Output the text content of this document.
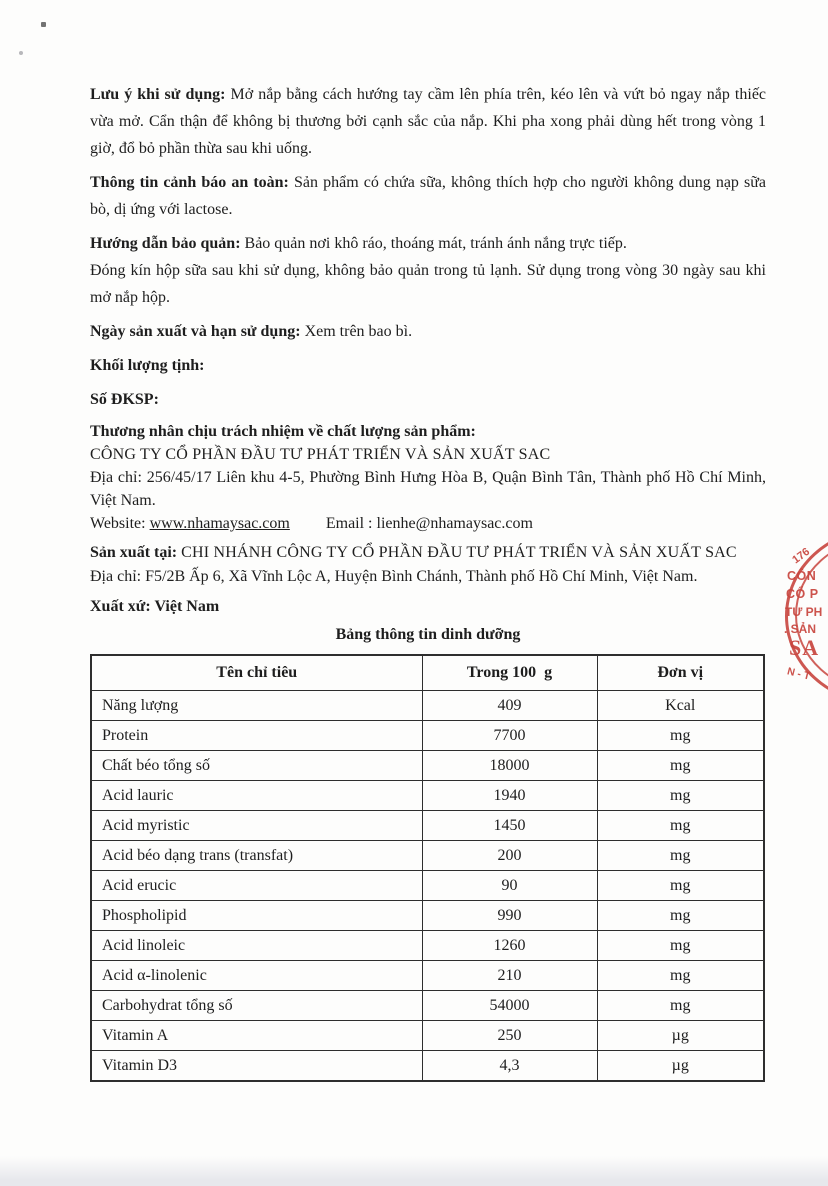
Lưu ý khi sử dụng: Mở nắp bằng cách hướng tay cầm lên phía trên, kéo lên và vứt bỏ ngay nắp thiếc vừa mở. Cẩn thận để không bị thương bởi cạnh sắc của nắp. Khi pha xong phải dùng hết trong vòng 1 giờ, đổ bỏ phần thừa sau khi uống.

Thông tin cảnh báo an toàn: Sản phẩm có chứa sữa, không thích hợp cho người không dung nạp sữa bò, dị ứng với lactose.

Hướng dẫn bảo quản: Bảo quản nơi khô ráo, thoáng mát, tránh ánh nắng trực tiếp.

Đóng kín hộp sữa sau khi sử dụng, không bảo quản trong tủ lạnh. Sử dụng trong vòng 30 ngày sau khi mở nắp hộp.

Ngày sản xuất và hạn sử dụng: Xem trên bao bì.
Khối lượng tịnh:
Số ĐKSP:
Thương nhân chịu trách nhiệm về chất lượng sản phẩm:
CÔNG TY CỔ PHẦN ĐẦU TƯ PHÁT TRIỂN VÀ SẢN XUẤT SAC
Địa chỉ: 256/45/17 Liên khu 4-5, Phường Bình Hưng Hòa B, Quận Bình Tân, Thành phố Hồ Chí Minh, Việt Nam.
Website: www.nhamaysac.com Email : lienhe@nhamaysac.com
Sản xuất tại: CHI NHÁNH CÔNG TY CỔ PHẦN ĐẦU TƯ PHÁT TRIỂN VÀ SẢN XUẤT SAC
Địa chỉ: F5/2B Ấp 6, Xã Vĩnh Lộc A, Huyện Bình Chánh, Thành phố Hồ Chí Minh, Việt Nam.
Xuất xứ: Việt Nam
Bảng thông tin dinh dưỡng
Tên chỉ tiêu	Trong 100  g	Đơn vị
Năng lượng	409	Kcal
Protein	7700	mg
Chất béo tổng số	18000	mg
Acid lauric	1940	mg
Acid myristic	1450	mg
Acid béo dạng trans (transfat)	200	mg
Acid erucic	90	mg
Phospholipid	990	mg
Acid linoleic	1260	mg
Acid α-linolenic	210	mg
Carbohydrat tổng số	54000	mg
Vitamin A	250	µg
Vitamin D3	4,3	µg
176
CÔN
CỔ P
TƯ PH
. SẢN
SA
N - T
